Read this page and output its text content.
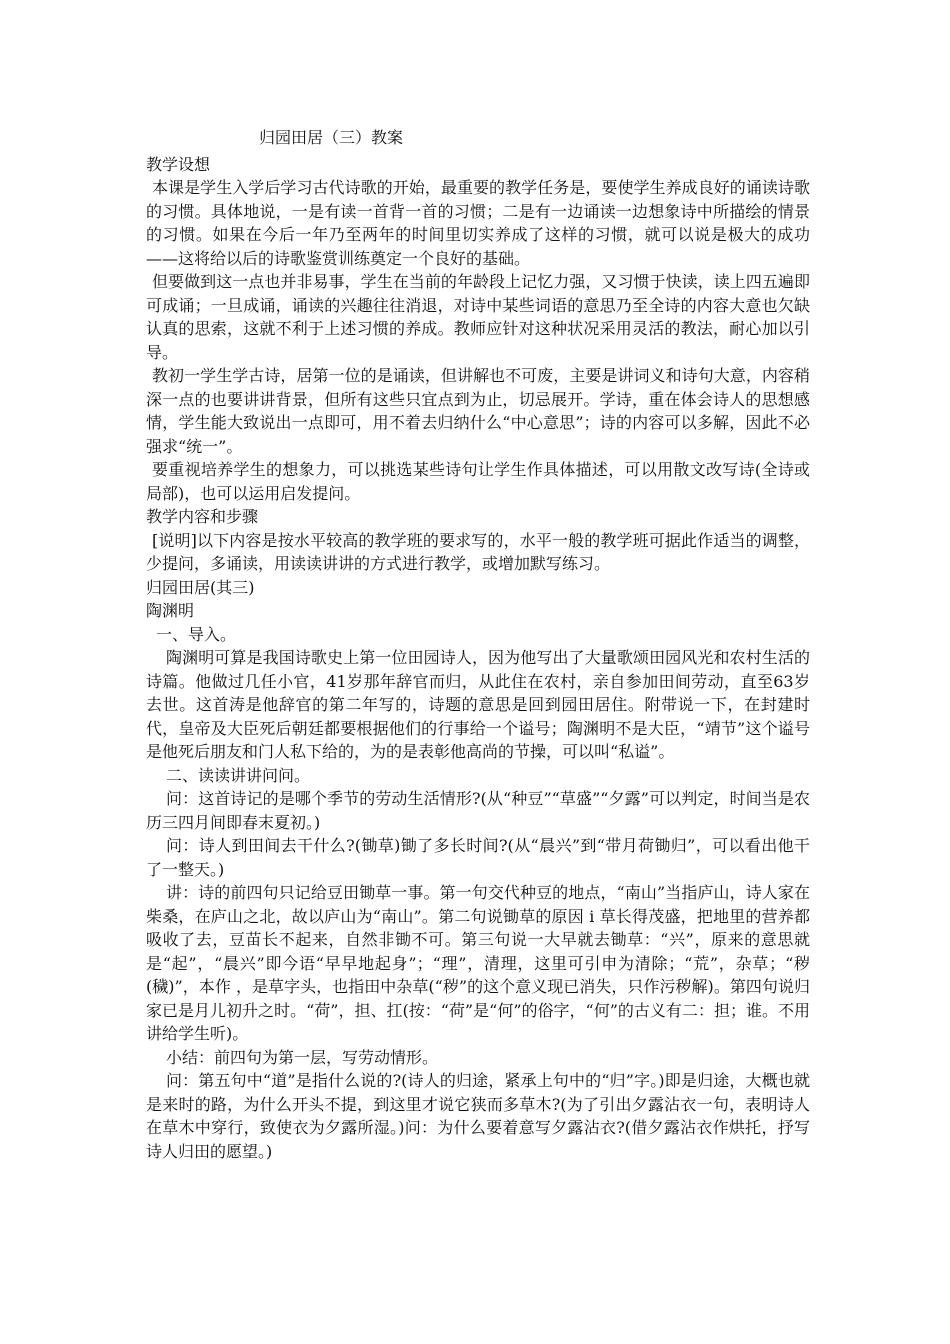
归园田居（三）教案

教学设想

本课是学生入学后学习古代诗歌的开始，最重要的教学任务是，要使学生养成良好的诵读诗歌的习惯。具体地说，一是有读一首背一首的习惯；二是有一边诵读一边想象诗中所描绘的情景的习惯。如果在今后一年乃至两年的时间里切实养成了这样的习惯，就可以说是极大的成功——这将给以后的诗歌鉴赏训练奠定一个良好的基础。

但要做到这一点也并非易事，学生在当前的年龄段上记忆力强，又习惯于快读，读上四五遍即可成诵；一旦成诵，诵读的兴趣往往消退，对诗中某些词语的意思乃至全诗的内容大意也欠缺认真的思索，这就不利于上述习惯的养成。教师应针对这种状况采用灵活的教法，耐心加以引导。

教初一学生学古诗，居第一位的是诵读，但讲解也不可废，主要是讲词义和诗句大意，内容稍深一点的也要讲讲背景，但所有这些只宜点到为止，切忌展开。学诗，重在体会诗人的思想感情，学生能大致说出一点即可，用不着去归纳什么“中心意思”；诗的内容可以多解，因此不必强求“统一”。

要重视培养学生的想象力，可以挑选某些诗句让学生作具体描述，可以用散文改写诗(全诗或局部)，也可以运用启发提问。

教学内容和步骤

[说明]以下内容是按水平较高的教学班的要求写的，水平一般的教学班可据此作适当的调整，少提问，多诵读，用读读讲讲的方式进行教学，或增加默写练习。

归园田居(其三)

陶渊明

一、导入。

陶渊明可算是我国诗歌史上第一位田园诗人，因为他写出了大量歌颂田园风光和农村生活的诗篇。他做过几任小官，41岁那年辞官而归，从此住在农村，亲自参加田间劳动，直至63岁去世。这首涛是他辞官的第二年写的，诗题的意思是回到园田居住。附带说一下，在封建时代，皇帝及大臣死后朝廷都要根据他们的行事给一个谥号；陶渊明不是大臣，“靖节”这个谥号是他死后朋友和门人私下给的，为的是表彰他高尚的节操，可以叫“私谥”。

二、读读讲讲问问。

问：这首诗记的是哪个季节的劳动生活情形?(从“种豆”“草盛”“夕露”可以判定，时间当是农历三四月间即春末夏初。)

问：诗人到田间去干什么?(锄草)锄了多长时间?(从“晨兴”到“带月荷锄归”，可以看出他干了一整天。)

讲：诗的前四句只记给豆田锄草一事。第一句交代种豆的地点，“南山”当指庐山，诗人家在柴桑，在庐山之北，故以庐山为“南山”。第二句说锄草的原因 i 草长得茂盛，把地里的营养都吸收了去，豆苗长不起来，自然非锄不可。第三句说一大早就去锄草：“兴”，原来的意思就是“起”，“晨兴”即今语“早早地起身”；“理”，清理，这里可引申为清除；“荒”，杂草；“秽(穢)”，本作 ，是草字头，也指田中杂草(“秽”的这个意义现已消失，只作污秽解)。第四句说归家已是月儿初升之时。“荷”，担、扛(按：“荷”是“何”的俗字，“何”的古义有二：担；谁。不用讲给学生听)。

小结：前四句为第一层，写劳动情形。

问：第五句中“道”是指什么说的?(诗人的归途，紧承上句中的“归”字。)即是归途，大概也就是来时的路，为什么开头不提，到这里才说它狭而多草木?(为了引出夕露沾衣一句，表明诗人在草木中穿行，致使衣为夕露所湿。)问：为什么要着意写夕露沾衣?(借夕露沾衣作烘托，抒写诗人归田的愿望。)
